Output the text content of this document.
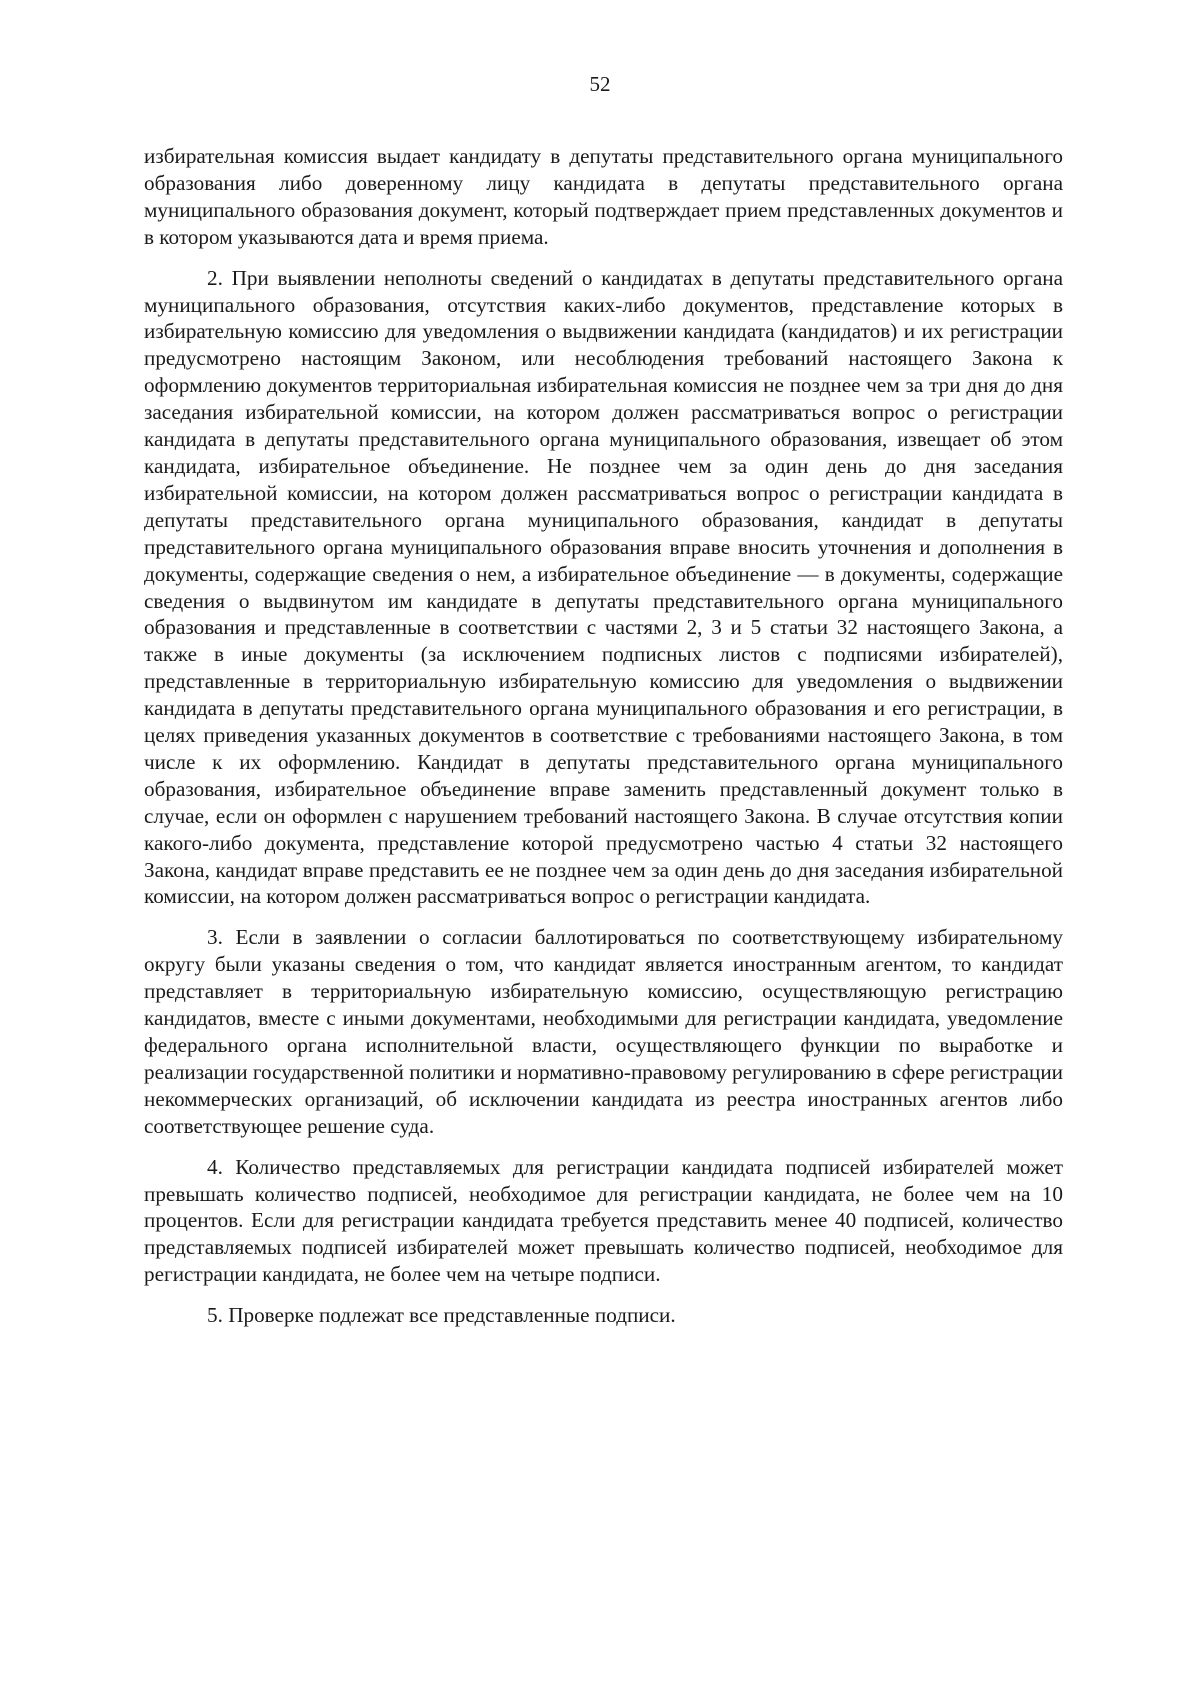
52

избирательная комиссия выдает кандидату в депутаты представительного органа муниципального образования либо доверенному лицу кандидата в депутаты представительного органа муниципального образования документ, который подтверждает прием представленных документов и в котором указываются дата и время приема.

2. При выявлении неполноты сведений о кандидатах в депутаты представительного органа муниципального образования, отсутствия каких-либо документов, представление которых в избирательную комиссию для уведомления о выдвижении кандидата (кандидатов) и их регистрации предусмотрено настоящим Законом, или несоблюдения требований настоящего Закона к оформлению документов территориальная избирательная комиссия не позднее чем за три дня до дня заседания избирательной комиссии, на котором должен рассматриваться вопрос о регистрации кандидата в депутаты представительного органа муниципального образования, извещает об этом кандидата, избирательное объединение. Не позднее чем за один день до дня заседания избирательной комиссии, на котором должен рассматриваться вопрос о регистрации кандидата в депутаты представительного органа муниципального образования, кандидат в депутаты представительного органа муниципального образования вправе вносить уточнения и дополнения в документы, содержащие сведения о нем, а избирательное объединение — в документы, содержащие сведения о выдвинутом им кандидате в депутаты представительного органа муниципального образования и представленные в соответствии с частями 2, 3 и 5 статьи 32 настоящего Закона, а также в иные документы (за исключением подписных листов с подписями избирателей), представленные в территориальную избирательную комиссию для уведомления о выдвижении кандидата в депутаты представительного органа муниципального образования и его регистрации, в целях приведения указанных документов в соответствие с требованиями настоящего Закона, в том числе к их оформлению. Кандидат в депутаты представительного органа муниципального образования, избирательное объединение вправе заменить представленный документ только в случае, если он оформлен с нарушением требований настоящего Закона. В случае отсутствия копии какого-либо документа, представление которой предусмотрено частью 4 статьи 32 настоящего Закона, кандидат вправе представить ее не позднее чем за один день до дня заседания избирательной комиссии, на котором должен рассматриваться вопрос о регистрации кандидата.

3. Если в заявлении о согласии баллотироваться по соответствующему избирательному округу были указаны сведения о том, что кандидат является иностранным агентом, то кандидат представляет в территориальную избирательную комиссию, осуществляющую регистрацию кандидатов, вместе с иными документами, необходимыми для регистрации кандидата, уведомление федерального органа исполнительной власти, осуществляющего функции по выработке и реализации государственной политики и нормативно-правовому регулированию в сфере регистрации некоммерческих организаций, об исключении кандидата из реестра иностранных агентов либо соответствующее решение суда.

4. Количество представляемых для регистрации кандидата подписей избирателей может превышать количество подписей, необходимое для регистрации кандидата, не более чем на 10 процентов. Если для регистрации кандидата требуется представить менее 40 подписей, количество представляемых подписей избирателей может превышать количество подписей, необходимое для регистрации кандидата, не более чем на четыре подписи.

5. Проверке подлежат все представленные подписи.
